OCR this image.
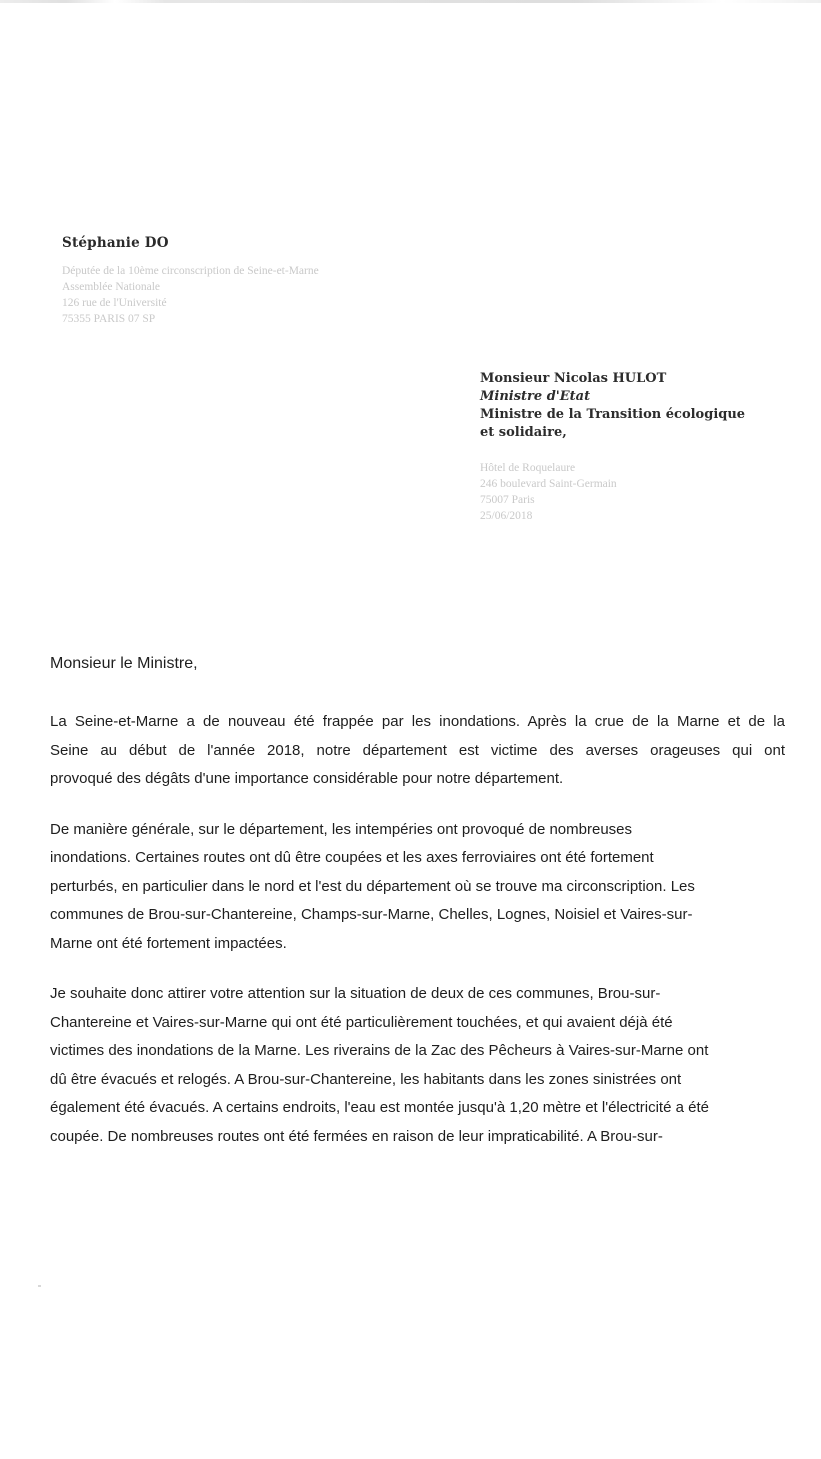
Stéphanie DO
Députée de la 10ème circonscription de Seine-et-Marne
Assemblée Nationale
126 rue de l'Université
75355 PARIS 07 SP
Monsieur Nicolas HULOT
Ministre d'Etat
Ministre de la Transition écologique
et solidaire,
Hôtel de Roquelaure
246 boulevard Saint-Germain
75007 Paris
25/06/2018
Monsieur le Ministre,
La Seine-et-Marne a de nouveau été frappée par les inondations. Après la crue de la Marne et de la
Seine au début de l'année 2018, notre département est victime des averses orageuses qui ont
provoqué des dégâts d'une importance considérable pour notre département.
De manière générale, sur le département, les intempéries ont provoqué de nombreuses
inondations. Certaines routes ont dû être coupées et les axes ferroviaires ont été fortement
perturbés, en particulier dans le nord et l'est du département où se trouve ma circonscription. Les
communes de Brou-sur-Chantereine, Champs-sur-Marne, Chelles, Lognes, Noisiel et Vaires-sur-
Marne ont été fortement impactées.
Je souhaite donc attirer votre attention sur la situation de deux de ces communes, Brou-sur-
Chantereine et Vaires-sur-Marne qui ont été particulièrement touchées, et qui avaient déjà été
victimes des inondations de la Marne. Les riverains de la Zac des Pêcheurs à Vaires-sur-Marne ont
dû être évacués et relogés. A Brou-sur-Chantereine, les habitants dans les zones sinistrées ont
également été évacués. A certains endroits, l'eau est montée jusqu'à 1,20 mètre et l'électricité a été
coupée. De nombreuses routes ont été fermées en raison de leur impraticabilité. A Brou-sur-
